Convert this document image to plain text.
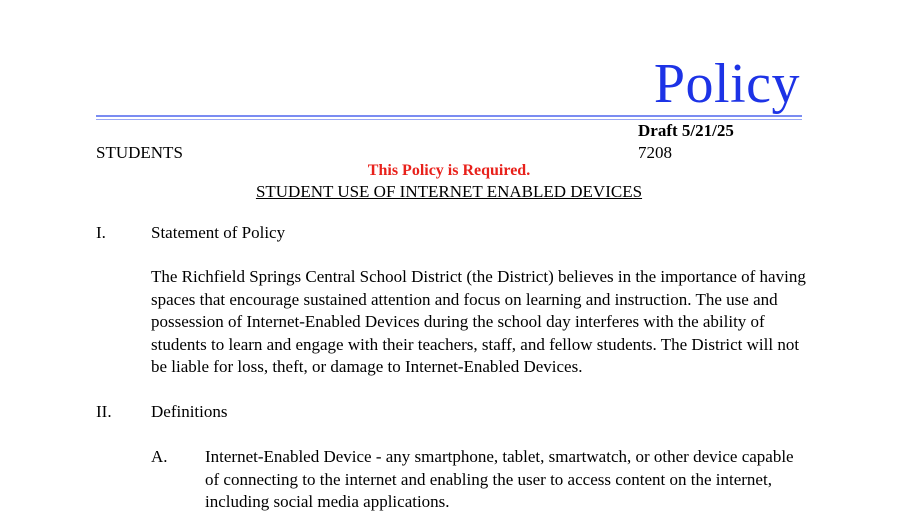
Policy
Draft 5/21/25
STUDENTS	7208
This Policy is Required.
STUDENT USE OF INTERNET ENABLED DEVICES
I.	Statement of Policy

The Richfield Springs Central School District (the District) believes in the importance of having spaces that encourage sustained attention and focus on learning and instruction. The use and possession of Internet-Enabled Devices during the school day interferes with the ability of students to learn and engage with their teachers, staff, and fellow students. The District will not be liable for loss, theft, or damage to Internet-Enabled Devices.

II. Definitions
A. Internet-Enabled Device - any smartphone, tablet, smartwatch, or other device capable of connecting to the internet and enabling the user to access content on the internet, including social media applications.
